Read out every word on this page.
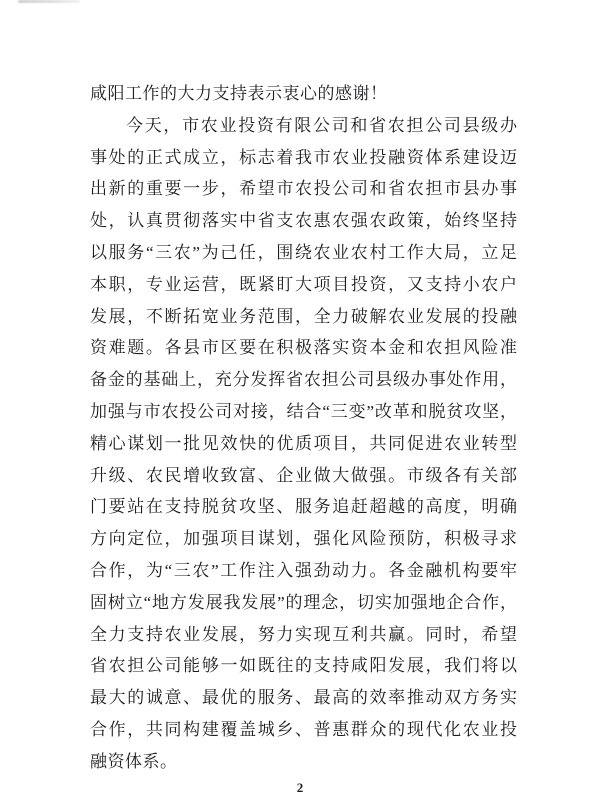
咸阳工作的大力支持表示衷心的感谢！
今天，市农业投资有限公司和省农担公司县级办
事处的正式成立，标志着我市农业投融资体系建设迈
出新的重要一步，希望市农投公司和省农担市县办事
处，认真贯彻落实中省支农惠农强农政策，始终坚持
以服务“三农”为己任，围绕农业农村工作大局，立足
本职，专业运营，既紧盯大项目投资，又支持小农户
发展，不断拓宽业务范围，全力破解农业发展的投融
资难题。各县市区要在积极落实资本金和农担风险准
备金的基础上，充分发挥省农担公司县级办事处作用，
加强与市农投公司对接，结合“三变”改革和脱贫攻坚，
精心谋划一批见效快的优质项目，共同促进农业转型
升级、农民增收致富、企业做大做强。市级各有关部
门要站在支持脱贫攻坚、服务追赶超越的高度，明确
方向定位，加强项目谋划，强化风险预防，积极寻求
合作，为“三农”工作注入强劲动力。各金融机构要牢
固树立“地方发展我发展”的理念，切实加强地企合作，
全力支持农业发展，努力实现互利共赢。同时，希望
省农担公司能够一如既往的支持咸阳发展，我们将以
最大的诚意、最优的服务、最高的效率推动双方务实
合作，共同构建覆盖城乡、普惠群众的现代化农业投
融资体系。
2
